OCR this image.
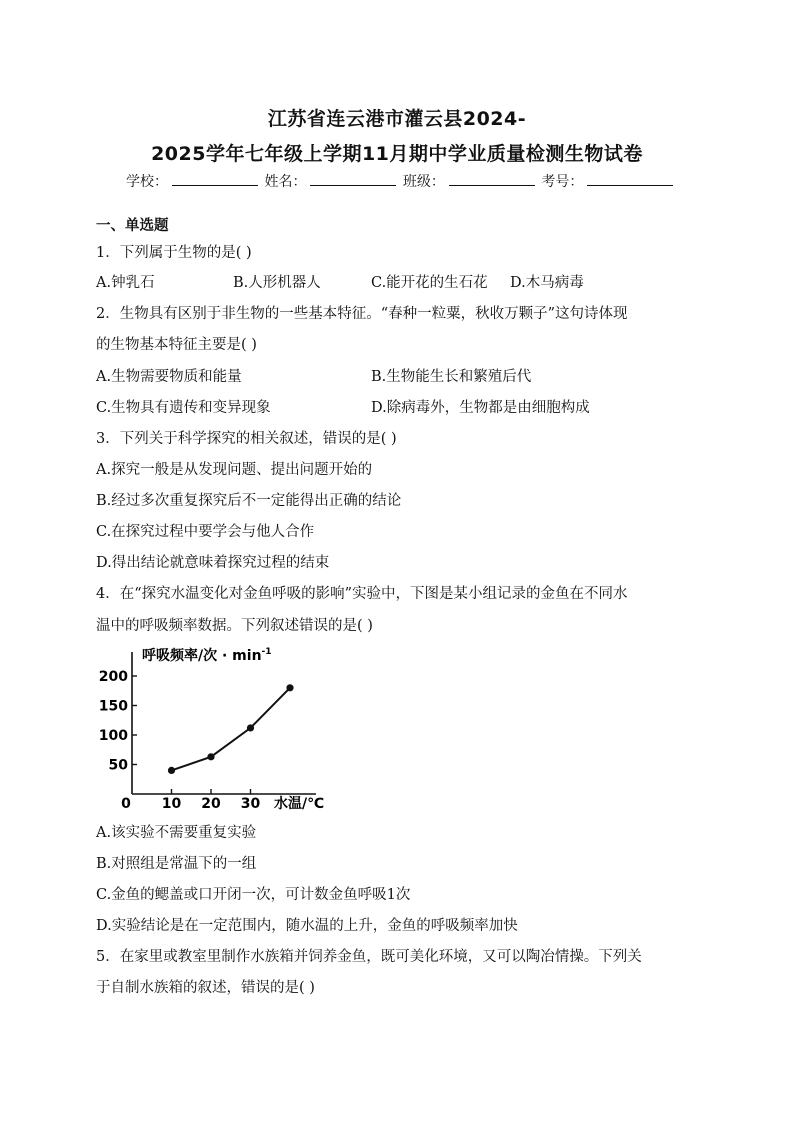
江苏省连云港市灌云县2024-
2025学年七年级上学期11月期中学业质量检测生物试卷
学校：	姓名：	班级：	考号：
一、单选题
1．下列属于生物的是( )
A.钟乳石	B.人形机器人	C.能开花的生石花 D.木马病毒
2．生物具有区别于非生物的一些基本特征。“春种一粒粟，秋收万颗子”这句诗体现
的生物基本特征主要是( )
A.生物需要物质和能量	B.生物能生长和繁殖后代
C.生物具有遗传和变异现象	D.除病毒外，生物都是由细胞构成
3．下列关于科学探究的相关叙述，错误的是( )
A.探究一般是从发现问题、提出问题开始的
B.经过多次重复探究后不一定能得出正确的结论
C.在探究过程中要学会与他人合作
D.得出结论就意味着探究过程的结束
4．在“探究水温变化对金鱼呼吸的影响”实验中，下图是某小组记录的金鱼在不同水
温中的呼吸频率数据。下列叙述错误的是( )
呼吸频率/次 · $\min^{-1}$
水温/℃
0
50
100
150
200
10 20 30
A.该实验不需要重复实验
B.对照组是常温下的一组
C.金鱼的鳃盖或口开闭一次，可计数金鱼呼吸1次
D.实验结论是在一定范围内，随水温的上升，金鱼的呼吸频率加快
5．在家里或教室里制作水族箱并饲养金鱼，既可美化环境，又可以陶冶情操。下列关
于自制水族箱的叙述，错误的是( )
